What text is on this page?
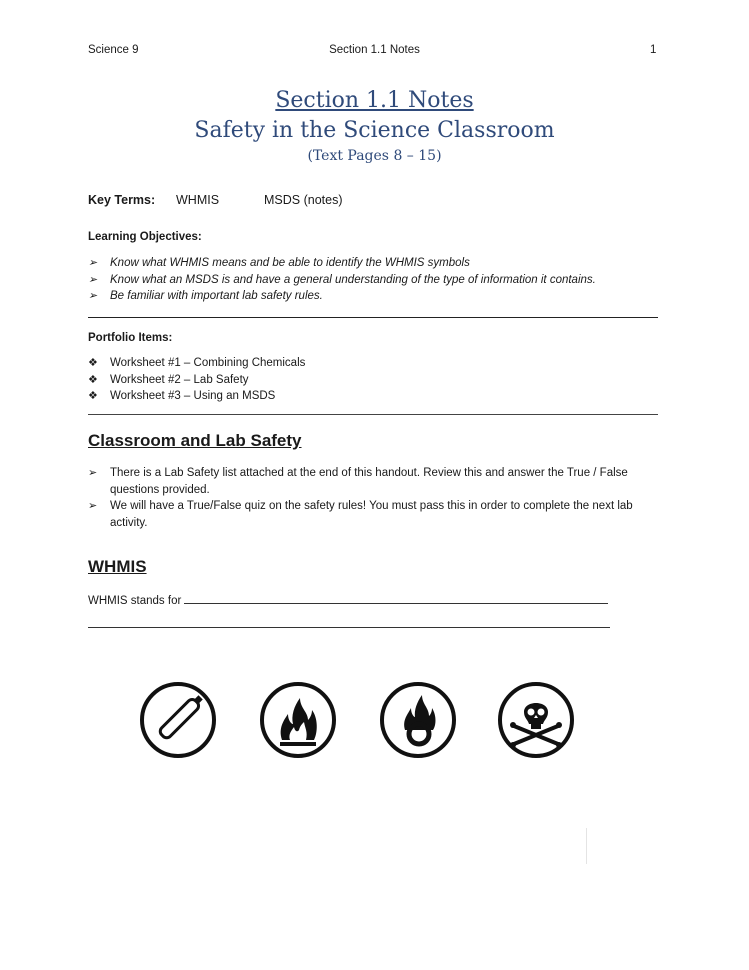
Science 9	Section 1.1 Notes	1
Section 1.1 Notes
Safety in the Science Classroom
(Text Pages 8 – 15)
Key Terms: WHMIS	MSDS (notes)
Learning Objectives:
➢ Know what WHMIS means and be able to identify the WHMIS symbols
➢ Know what an MSDS is and have a general understanding of the type of information it contains.
➢ Be familiar with important lab safety rules.
Portfolio Items:
❖ Worksheet #1 – Combining Chemicals
❖ Worksheet #2 – Lab Safety
❖ Worksheet #3 – Using an MSDS
Classroom and Lab Safety
➢ There is a Lab Safety list attached at the end of this handout. Review this and answer the True / False questions provided.
➢ We will have a True/False quiz on the safety rules! You must pass this in order to complete the next lab activity.
WHMIS
WHMIS stands for
